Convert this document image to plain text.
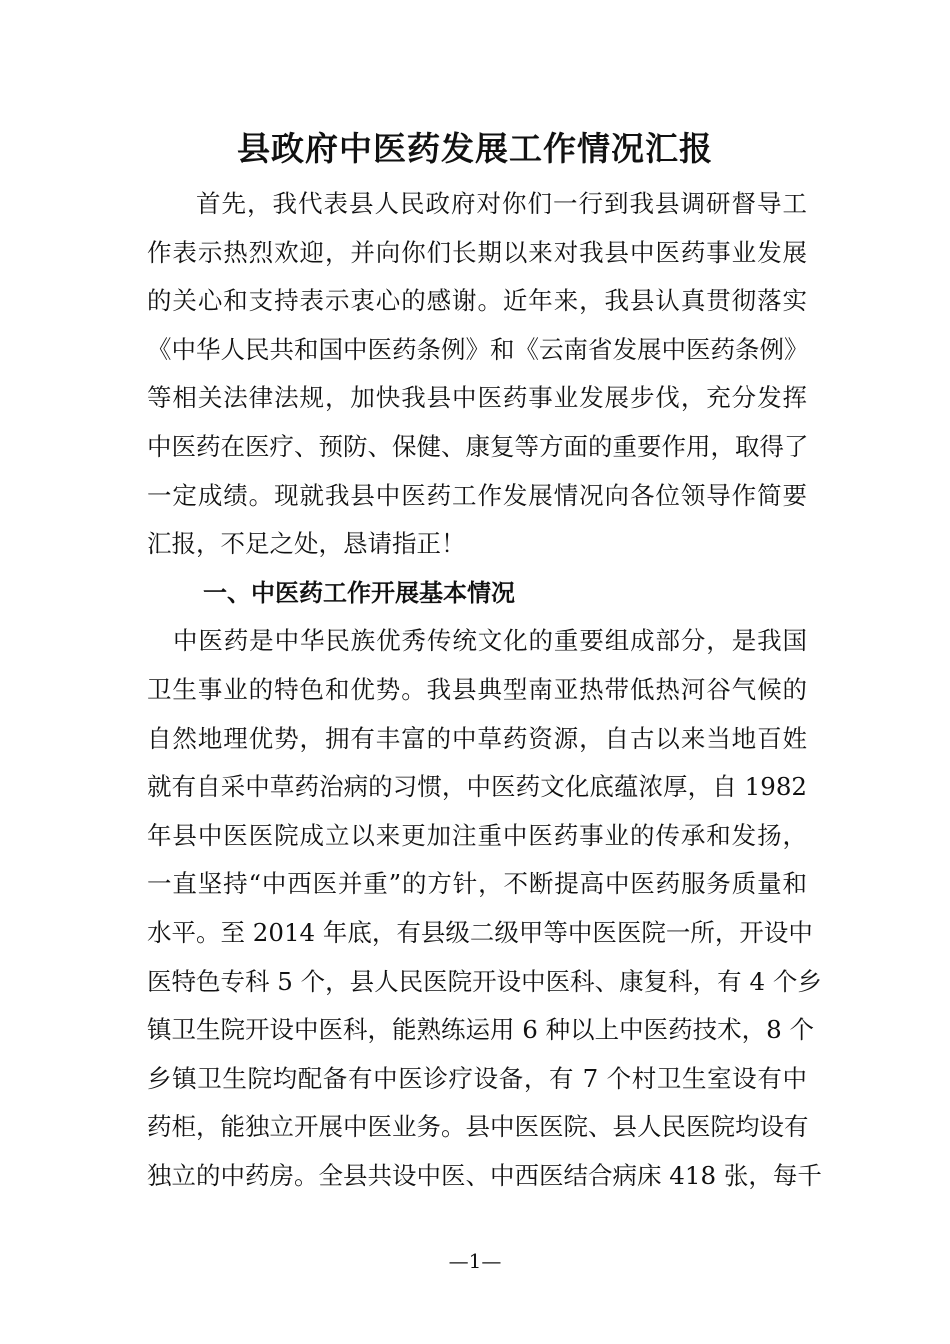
县政府中医药发展工作情况汇报
首先，我代表县人民政府对你们一行到我县调研督导工
作表示热烈欢迎，并向你们长期以来对我县中医药事业发展
的关心和支持表示衷心的感谢。近年来，我县认真贯彻落实
《中华人民共和国中医药条例》和《云南省发展中医药条例》
等相关法律法规，加快我县中医药事业发展步伐，充分发挥
中医药在医疗、预防、保健、康复等方面的重要作用，取得了
一定成绩。现就我县中医药工作发展情况向各位领导作简要
汇报，不足之处，恳请指正！
一、中医药工作开展基本情况
中医药是中华民族优秀传统文化的重要组成部分，是我国
卫生事业的特色和优势。我县典型南亚热带低热河谷气候的
自然地理优势，拥有丰富的中草药资源，自古以来当地百姓
就有自采中草药治病的习惯，中医药文化底蕴浓厚，自 1982
年县中医医院成立以来更加注重中医药事业的传承和发扬，
一直坚持“中西医并重”的方针，不断提高中医药服务质量和
水平。至 2014 年底，有县级二级甲等中医医院一所，开设中
医特色专科 5 个，县人民医院开设中医科、康复科，有 4 个乡
镇卫生院开设中医科，能熟练运用 6 种以上中医药技术，8 个
乡镇卫生院均配备有中医诊疗设备，有 7 个村卫生室设有中
药柜，能独立开展中医业务。县中医医院、县人民医院均设有
独立的中药房。全县共设中医、中西医结合病床 418 张，每千
—1—
